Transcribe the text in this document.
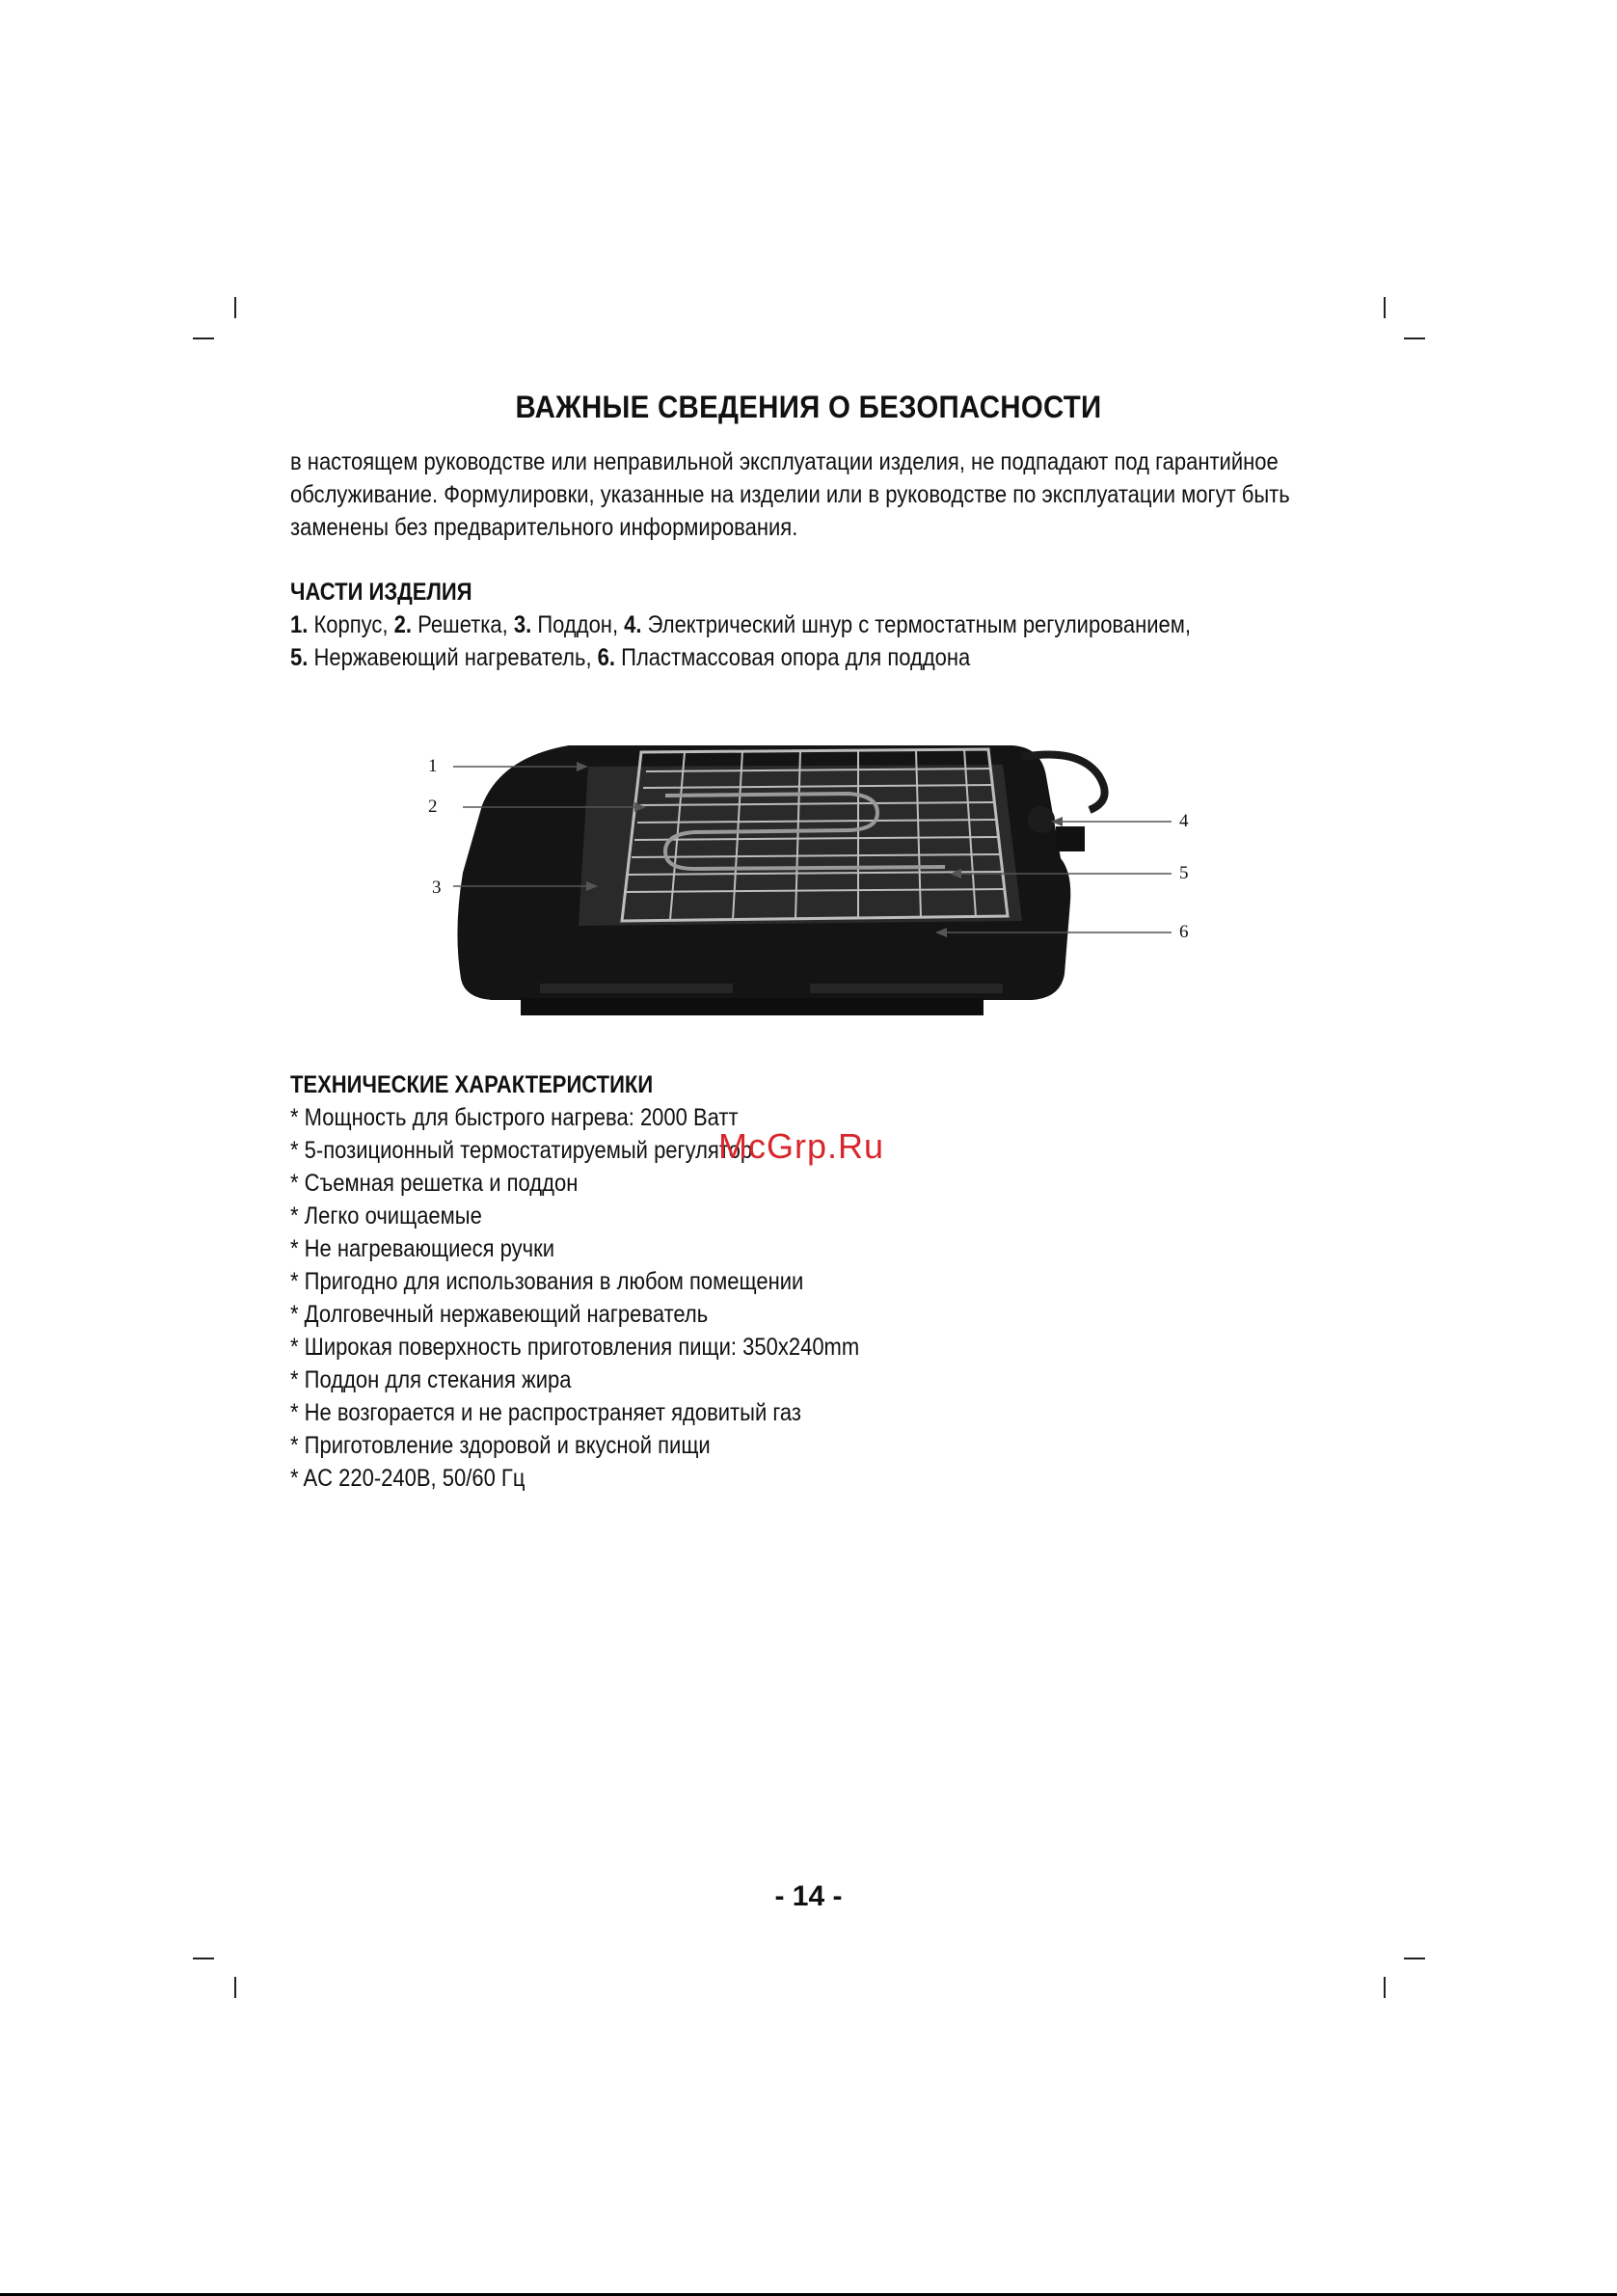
ВАЖНЫЕ СВЕДЕНИЯ О БЕЗОПАСНОСТИ
в настоящем руководстве или неправильной эксплуатации изделия, не подпадают под гарантийное
обслуживание. Формулировки, указанные на изделии или в руководстве по эксплуатации могут быть
заменены без предварительного информирования.
ЧАСТИ ИЗДЕЛИЯ
1. Корпус, 2. Решетка, 3. Поддон, 4. Электрический шнур с термостатным регулированием,
5. Нержавеющий нагреватель, 6. Пластмассовая опора для поддона
1
2
3
4
5
6
ТЕХНИЧЕСКИЕ ХАРАКТЕРИСТИКИ
* Мощность для быстрого нагрева: 2000 Ватт
* 5-позиционный термостатируемый регулятор
* Съемная решетка и поддон
* Легко очищаемые
* Не нагревающиеся ручки
* Пригодно для использования в любом помещении
* Долговечный нержавеющий нагреватель
* Широкая поверхность приготовления пищи: 350x240mm
* Поддон для стекания жира
* Не возгорается и не распространяет ядовитый газ
* Приготовление здоровой и вкусной пищи
* AC 220-240В, 50/60 Гц
McGrp.Ru
- 14 -
